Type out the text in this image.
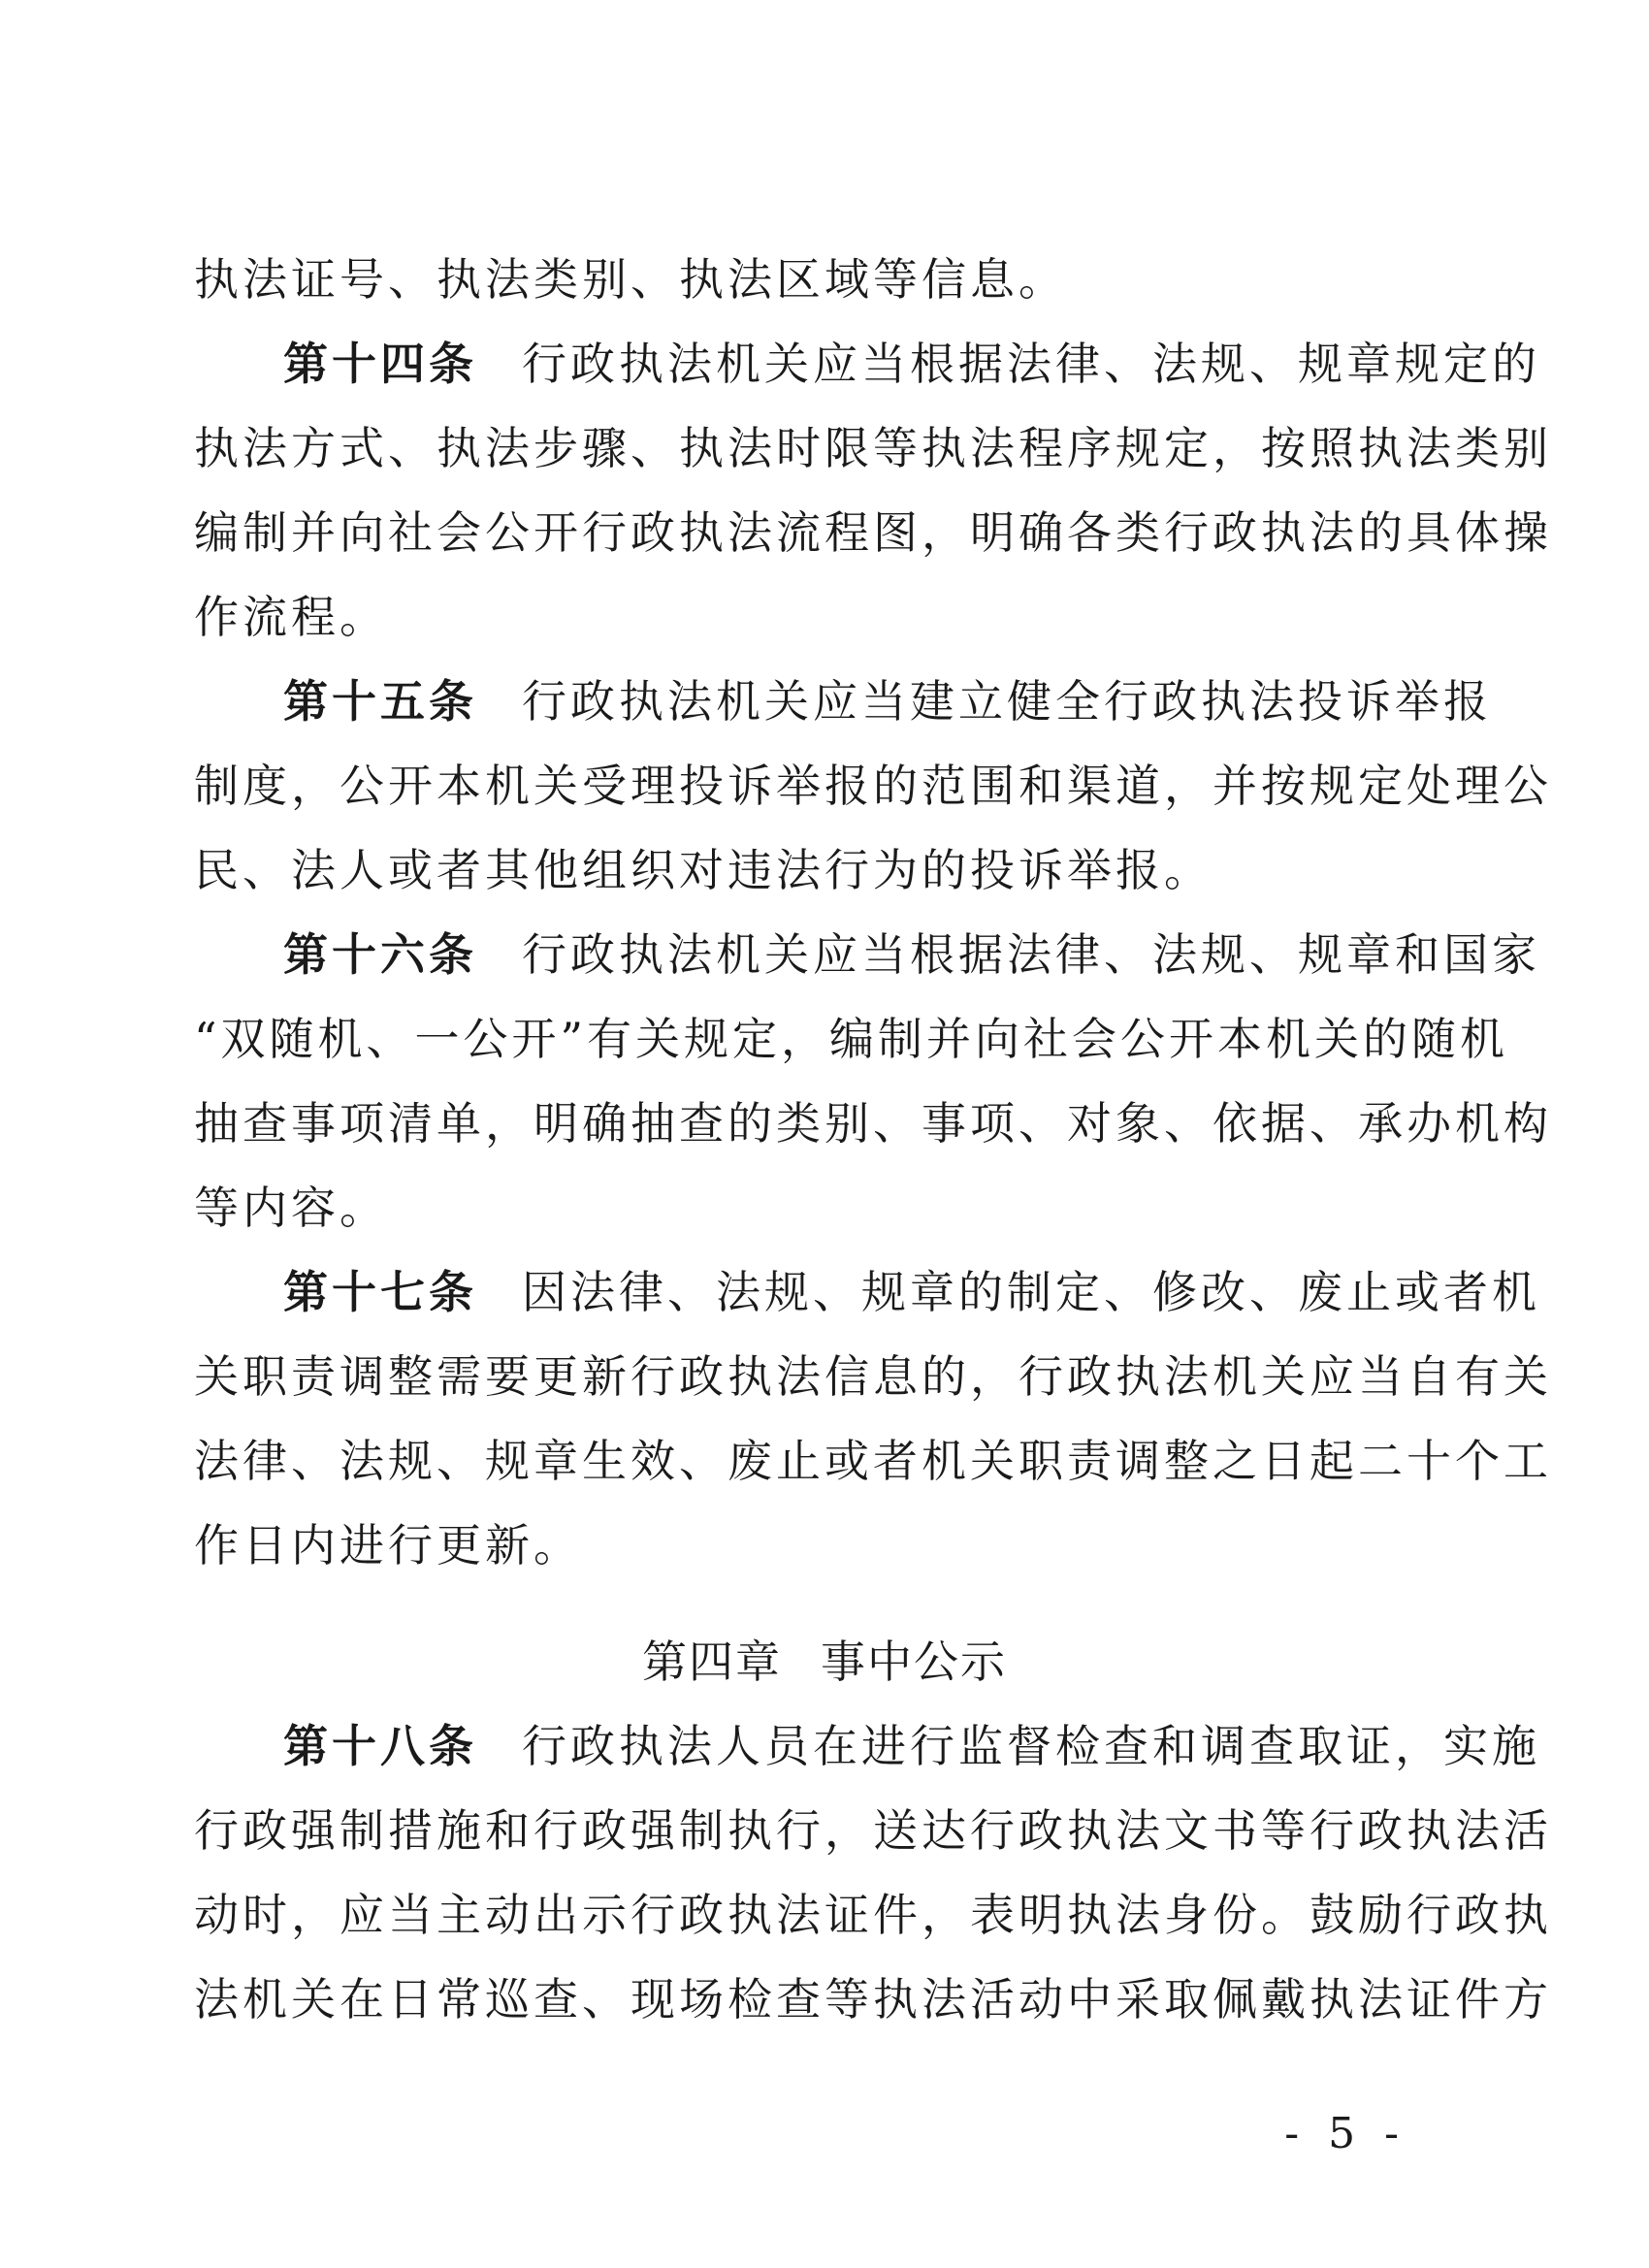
执法证号、执法类别、执法区域等信息。
第十四条 行政执法机关应当根据法律、法规、规章规定的
执法方式、执法步骤、执法时限等执法程序规定，按照执法类别
编制并向社会公开行政执法流程图，明确各类行政执法的具体操
作流程。
第十五条 行政执法机关应当建立健全行政执法投诉举报
制度，公开本机关受理投诉举报的范围和渠道，并按规定处理公
民、法人或者其他组织对违法行为的投诉举报。
第十六条 行政执法机关应当根据法律、法规、规章和国家
“双随机、一公开”有关规定，编制并向社会公开本机关的随机
抽查事项清单，明确抽查的类别、事项、对象、依据、承办机构
等内容。
第十七条 因法律、法规、规章的制定、修改、废止或者机
关职责调整需要更新行政执法信息的，行政执法机关应当自有关
法律、法规、规章生效、废止或者机关职责调整之日起二十个工
作日内进行更新。
第四章 事中公示
第十八条 行政执法人员在进行监督检查和调查取证，实施
行政强制措施和行政强制执行，送达行政执法文书等行政执法活
动时，应当主动出示行政执法证件，表明执法身份。鼓励行政执
法机关在日常巡查、现场检查等执法活动中采取佩戴执法证件方
- 5 -
